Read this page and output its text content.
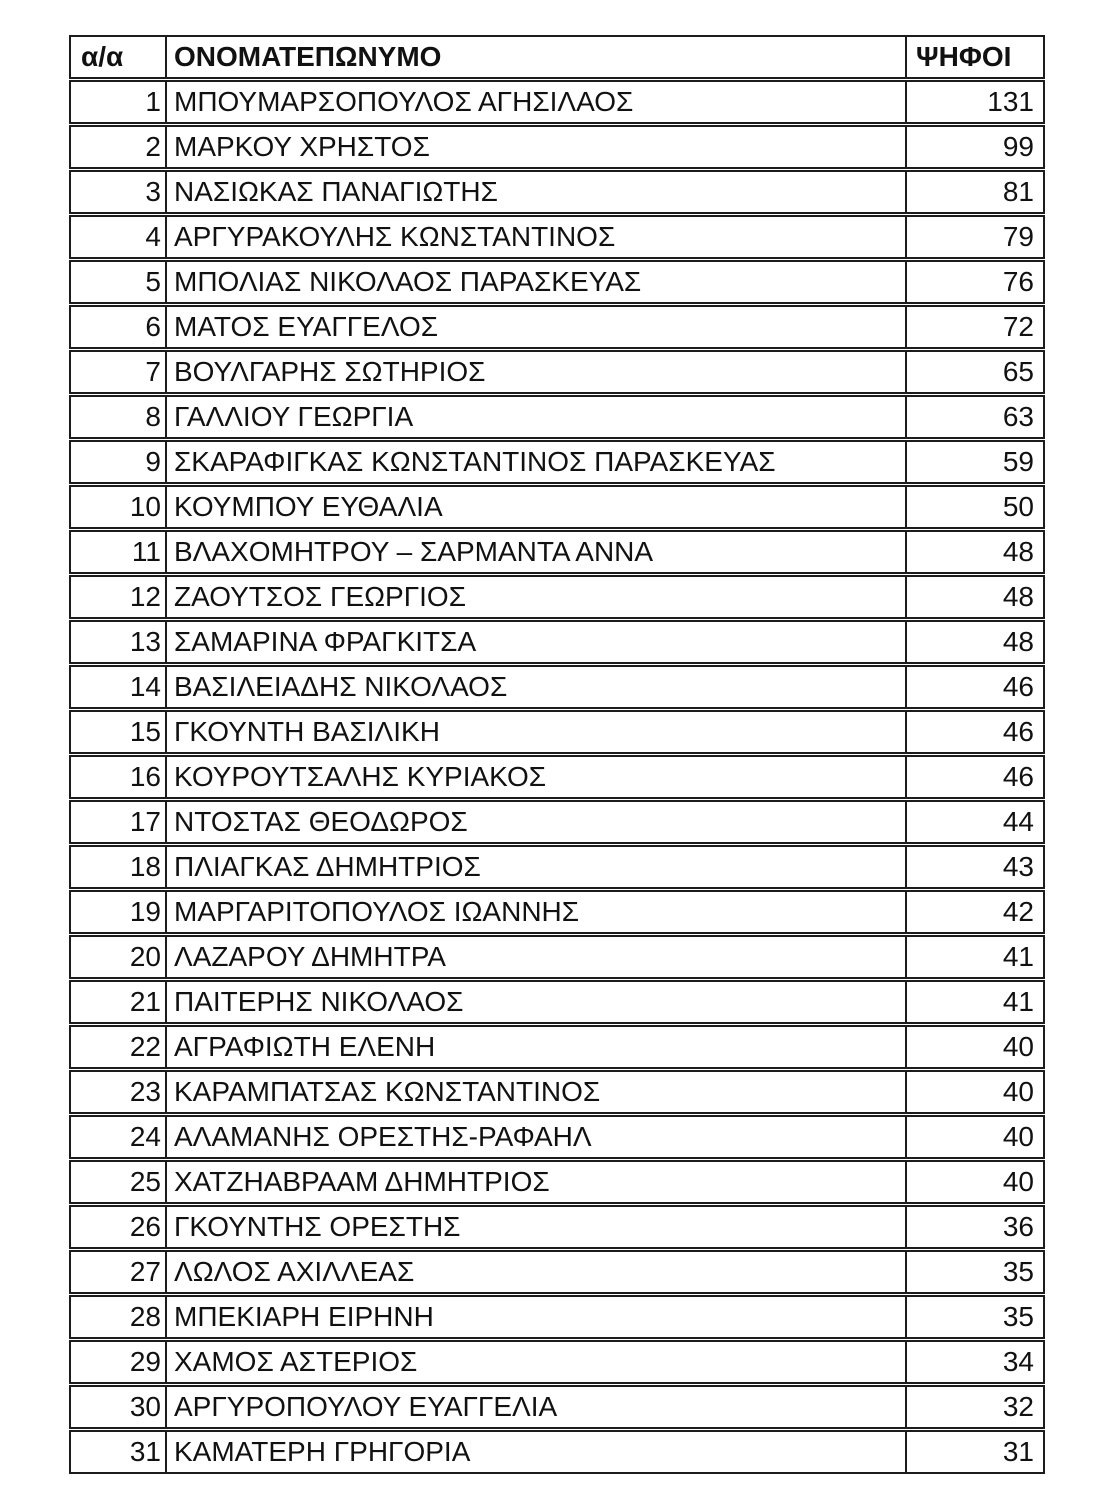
α/α	ΟΝΟΜΑΤΕΠΩΝΥΜΟ	ΨΗΦΟΙ
1	ΜΠΟΥΜΑΡΣΟΠΟΥΛΟΣ ΑΓΗΣΙΛΑΟΣ	131
2	ΜΑΡΚΟΥ ΧΡΗΣΤΟΣ	99
3	ΝΑΣΙΩΚΑΣ ΠΑΝΑΓΙΩΤΗΣ	81
4	ΑΡΓΥΡΑΚΟΥΛΗΣ ΚΩΝΣΤΑΝΤΙΝΟΣ	79
5	ΜΠΟΛΙΑΣ ΝΙΚΟΛΑΟΣ ΠΑΡΑΣΚΕΥΑΣ	76
6	ΜΑΤΟΣ ΕΥΑΓΓΕΛΟΣ	72
7	ΒΟΥΛΓΑΡΗΣ ΣΩΤΗΡΙΟΣ	65
8	ΓΑΛΛΙΟΥ ΓΕΩΡΓΙΑ	63
9	ΣΚΑΡΑΦΙΓΚΑΣ ΚΩΝΣΤΑΝΤΙΝΟΣ ΠΑΡΑΣΚΕΥΑΣ	59
10	ΚΟΥΜΠΟΥ ΕΥΘΑΛΙΑ	50
11	ΒΛΑΧΟΜΗΤΡΟΥ – ΣΑΡΜΑΝΤΑ ΑΝΝΑ	48
12	ΖΑΟΥΤΣΟΣ ΓΕΩΡΓΙΟΣ	48
13	ΣΑΜΑΡΙΝΑ ΦΡΑΓΚΙΤΣΑ	48
14	ΒΑΣΙΛΕΙΑΔΗΣ ΝΙΚΟΛΑΟΣ	46
15	ΓΚΟΥΝΤΗ ΒΑΣΙΛΙΚΗ	46
16	ΚΟΥΡΟΥΤΣΑΛΗΣ ΚΥΡΙΑΚΟΣ	46
17	ΝΤΟΣΤΑΣ ΘΕΟΔΩΡΟΣ	44
18	ΠΛΙΑΓΚΑΣ ΔΗΜΗΤΡΙΟΣ	43
19	ΜΑΡΓΑΡΙΤΟΠΟΥΛΟΣ ΙΩΑΝΝΗΣ	42
20	ΛΑΖΑΡΟΥ ΔΗΜΗΤΡΑ	41
21	ΠΑΙΤΕΡΗΣ ΝΙΚΟΛΑΟΣ	41
22	ΑΓΡΑΦΙΩΤΗ ΕΛΕΝΗ	40
23	ΚΑΡΑΜΠΑΤΣΑΣ ΚΩΝΣΤΑΝΤΙΝΟΣ	40
24	ΑΛΑΜΑΝΗΣ ΟΡΕΣΤΗΣ-ΡΑΦΑΗΛ	40
25	ΧΑΤΖΗΑΒΡΑΑΜ ΔΗΜΗΤΡΙΟΣ	40
26	ΓΚΟΥΝΤΗΣ ΟΡΕΣΤΗΣ	36
27	ΛΩΛΟΣ ΑΧΙΛΛΕΑΣ	35
28	ΜΠΕΚΙΑΡΗ ΕΙΡΗΝΗ	35
29	ΧΑΜΟΣ ΑΣΤΕΡΙΟΣ	34
30	ΑΡΓΥΡΟΠΟΥΛΟΥ ΕΥΑΓΓΕΛΙΑ	32
31	ΚΑΜΑΤΕΡΗ ΓΡΗΓΟΡΙΑ	31
